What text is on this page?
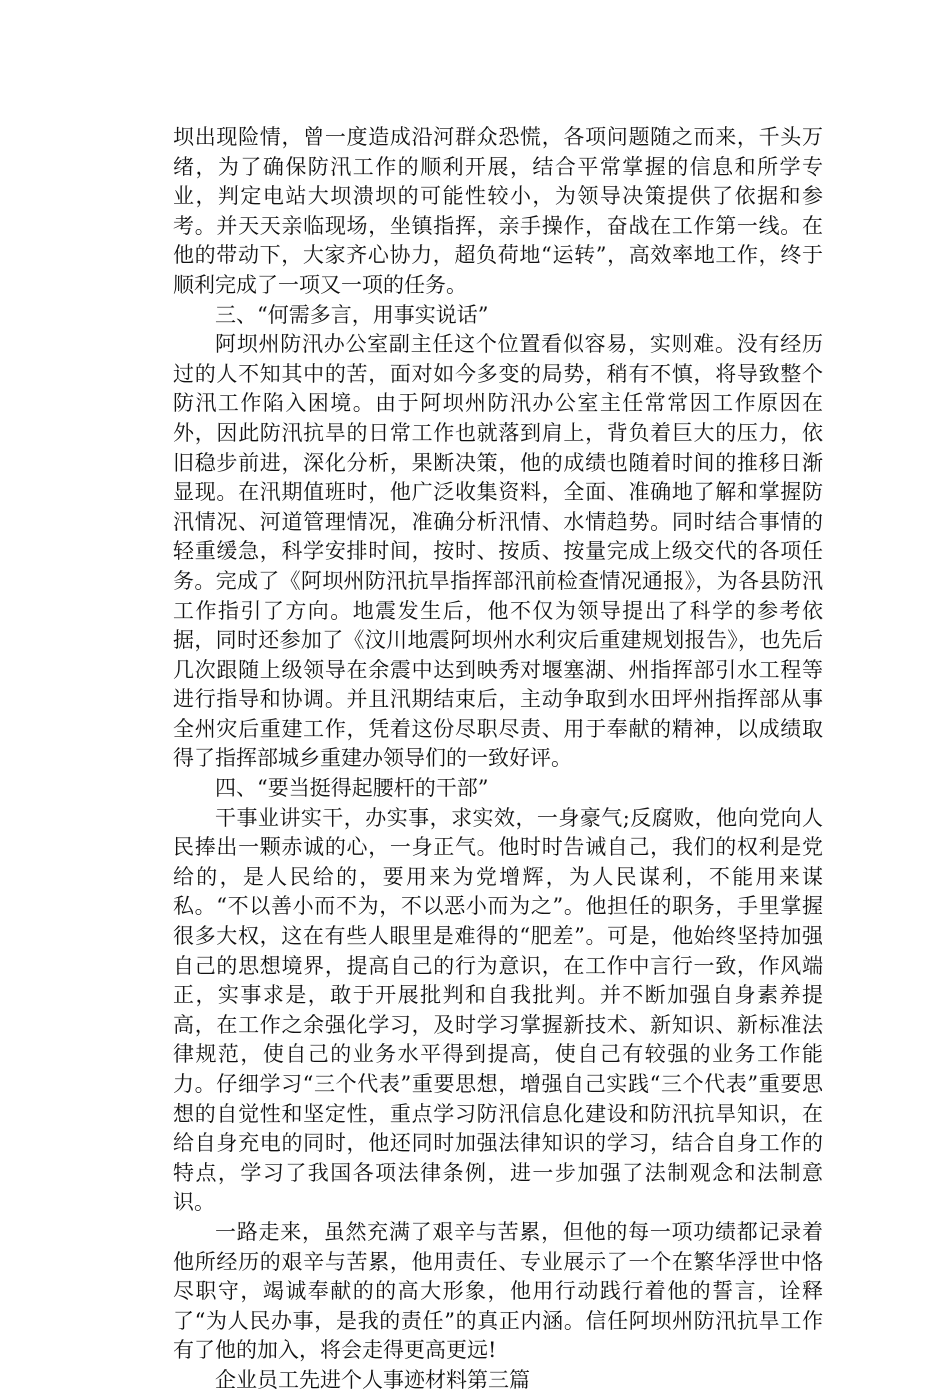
坝出现险情，曾一度造成沿河群众恐慌，各项问题随之而来，千头万绪，为了确保防汛工作的顺利开展，结合平常掌握的信息和所学专业，判定电站大坝溃坝的可能性较小，为领导决策提供了依据和参考。并天天亲临现场，坐镇指挥，亲手操作，奋战在工作第一线。在他的带动下，大家齐心协力，超负荷地“运转”，高效率地工作，终于顺利完成了一项又一项的任务。

三、“何需多言，用事实说话”

阿坝州防汛办公室副主任这个位置看似容易，实则难。没有经历过的人不知其中的苦，面对如今多变的局势，稍有不慎，将导致整个防汛工作陷入困境。由于阿坝州防汛办公室主任常常因工作原因在外，因此防汛抗旱的日常工作也就落到肩上，背负着巨大的压力，依旧稳步前进，深化分析，果断决策，他的成绩也随着时间的推移日渐显现。在汛期值班时，他广泛收集资料，全面、准确地了解和掌握防汛情况、河道管理情况，准确分析汛情、水情趋势。同时结合事情的轻重缓急，科学安排时间，按时、按质、按量完成上级交代的各项任务。完成了《阿坝州防汛抗旱指挥部汛前检查情况通报》，为各县防汛工作指引了方向。地震发生后，他不仅为领导提出了科学的参考依据，同时还参加了《汶川地震阿坝州水利灾后重建规划报告》，也先后几次跟随上级领导在余震中达到映秀对堰塞湖、州指挥部引水工程等进行指导和协调。并且汛期结束后，主动争取到水田坪州指挥部从事全州灾后重建工作，凭着这份尽职尽责、用于奉献的精神，以成绩取得了指挥部城乡重建办领导们的一致好评。

四、“要当挺得起腰杆的干部”

干事业讲实干，办实事，求实效，一身豪气;反腐败，他向党向人民捧出一颗赤诚的心，一身正气。他时时告诫自己，我们的权利是党给的，是人民给的，要用来为党增辉，为人民谋利，不能用来谋私。“不以善小而不为，不以恶小而为之”。他担任的职务，手里掌握很多大权，这在有些人眼里是难得的“肥差”。可是，他始终坚持加强自己的思想境界，提高自己的行为意识，在工作中言行一致，作风端正，实事求是，敢于开展批判和自我批判。并不断加强自身素养提高，在工作之余强化学习，及时学习掌握新技术、新知识、新标准法律规范，使自己的业务水平得到提高，使自己有较强的业务工作能力。仔细学习“三个代表”重要思想，增强自己实践“三个代表”重要思想的自觉性和坚定性，重点学习防汛信息化建设和防汛抗旱知识，在给自身充电的同时，他还同时加强法律知识的学习，结合自身工作的特点，学习了我国各项法律条例，进一步加强了法制观念和法制意识。

一路走来，虽然充满了艰辛与苦累，但他的每一项功绩都记录着他所经历的艰辛与苦累，他用责任、专业展示了一个在繁华浮世中恪尽职守，竭诚奉献的的高大形象，他用行动践行着他的誓言，诠释了“为人民办事，是我的责任”的真正内涵。信任阿坝州防汛抗旱工作有了他的加入，将会走得更高更远!

企业员工先进个人事迹材料第三篇
